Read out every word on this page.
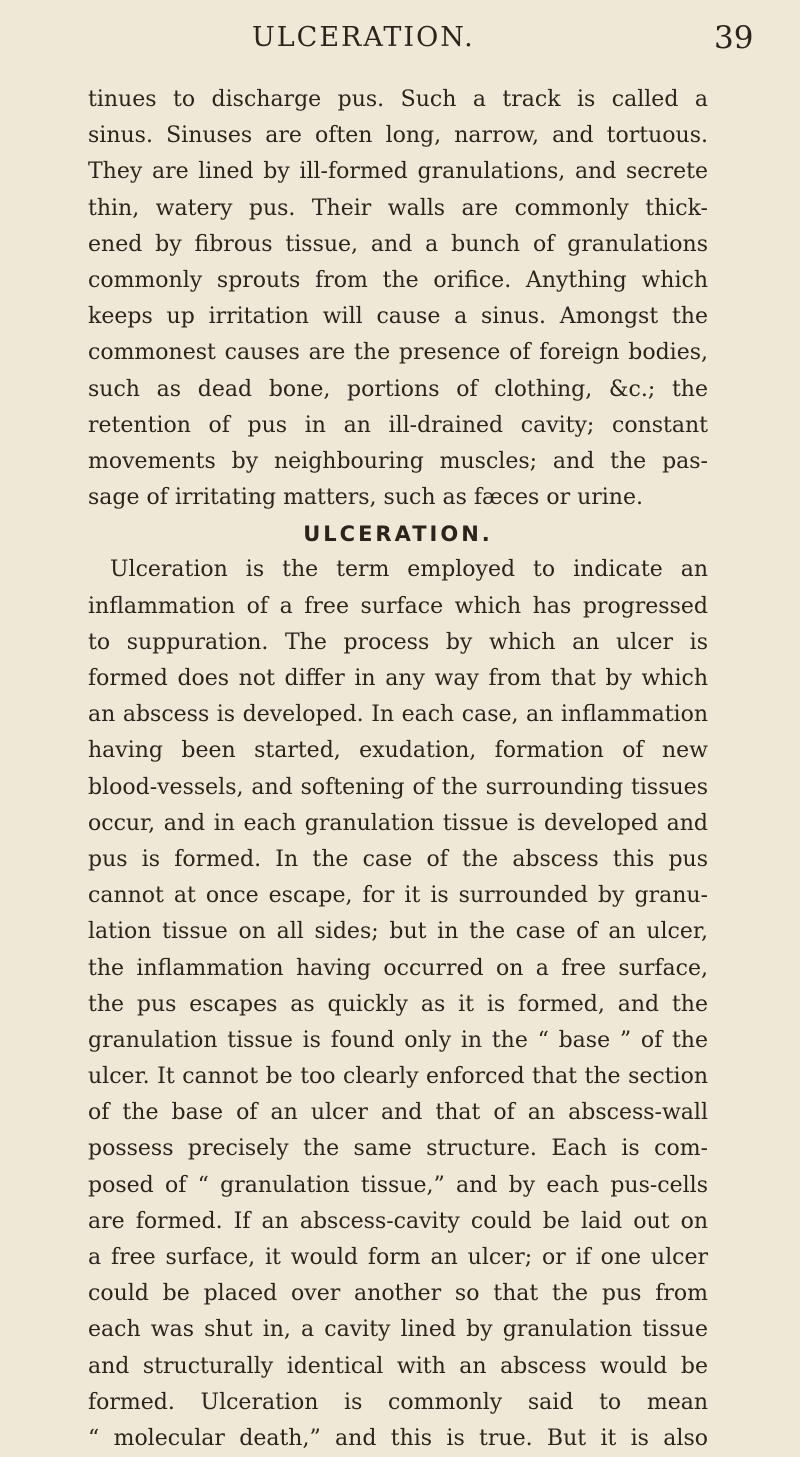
ULCERATION.	39
tinues to discharge pus. Such a track is called a
sinus. Sinuses are often long, narrow, and tortuous.
They are lined by ill-formed granulations, and secrete
thin, watery pus. Their walls are commonly thick-
ened by fibrous tissue, and a bunch of granulations
commonly sprouts from the orifice. Anything which
keeps up irritation will cause a sinus. Amongst the
commonest causes are the presence of foreign bodies,
such as dead bone, portions of clothing, &c.; the
retention of pus in an ill-drained cavity; constant
movements by neighbouring muscles; and the pas-
sage of irritating matters, such as fæces or urine.
ULCERATION.
Ulceration is the term employed to indicate an
inflammation of a free surface which has progressed
to suppuration. The process by which an ulcer is
formed does not differ in any way from that by which
an abscess is developed. In each case, an inflammation
having been started, exudation, formation of new
blood-vessels, and softening of the surrounding tissues
occur, and in each granulation tissue is developed and
pus is formed. In the case of the abscess this pus
cannot at once escape, for it is surrounded by granu-
lation tissue on all sides; but in the case of an ulcer,
the inflammation having occurred on a free surface,
the pus escapes as quickly as it is formed, and the
granulation tissue is found only in the “ base ” of the
ulcer. It cannot be too clearly enforced that the section
of the base of an ulcer and that of an abscess-wall
possess precisely the same structure. Each is com-
posed of “ granulation tissue,” and by each pus-cells
are formed. If an abscess-cavity could be laid out on
a free surface, it would form an ulcer; or if one ulcer
could be placed over another so that the pus from
each was shut in, a cavity lined by granulation tissue
and structurally identical with an abscess would be
formed. Ulceration is commonly said to mean
“ molecular death,” and this is true. But it is also
